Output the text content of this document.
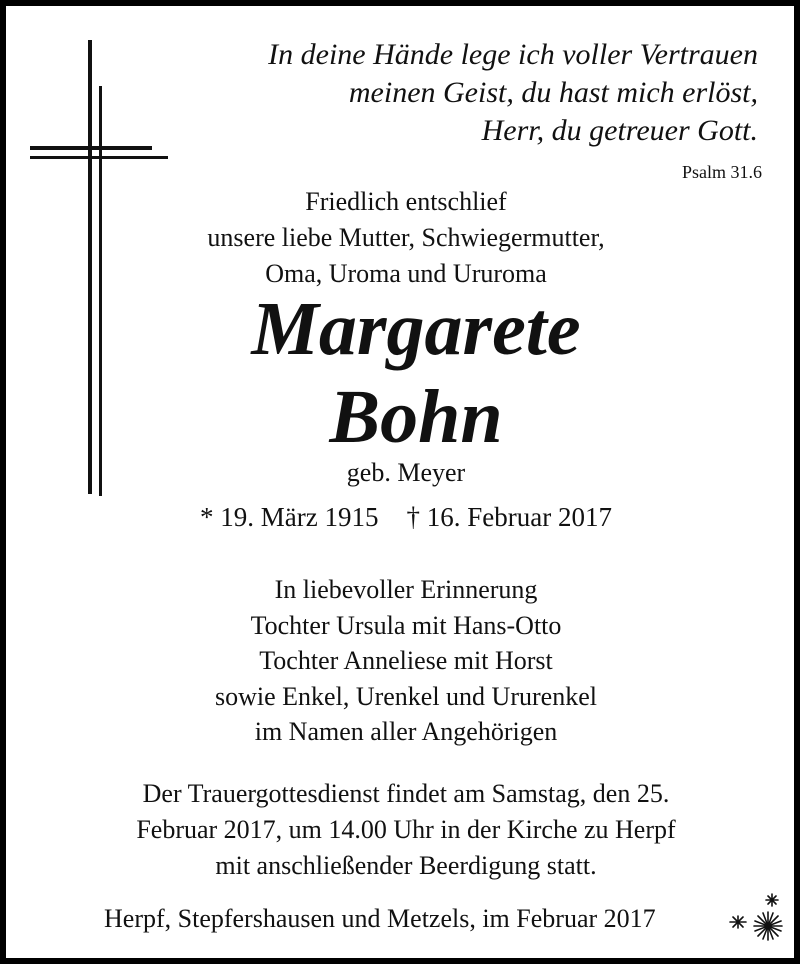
In deine Hände lege ich voller Vertrauen
meinen Geist, du hast mich erlöst,
Herr, du getreuer Gott.
Psalm 31.6
Friedlich entschlief
unsere liebe Mutter, Schwiegermutter,
Oma, Uroma und Ururoma
Margarete
Bohn
geb. Meyer
* 19. März 1915 † 16. Februar 2017
In liebevoller Erinnerung
Tochter Ursula mit Hans-Otto
Tochter Anneliese mit Horst
sowie Enkel, Urenkel und Ururenkel
im Namen aller Angehörigen
Der Trauergottesdienst findet am Samstag, den 25.
Februar 2017, um 14.00 Uhr in der Kirche zu Herpf
mit anschließender Beerdigung statt.
Herpf, Stepfershausen und Metzels, im Februar 2017
